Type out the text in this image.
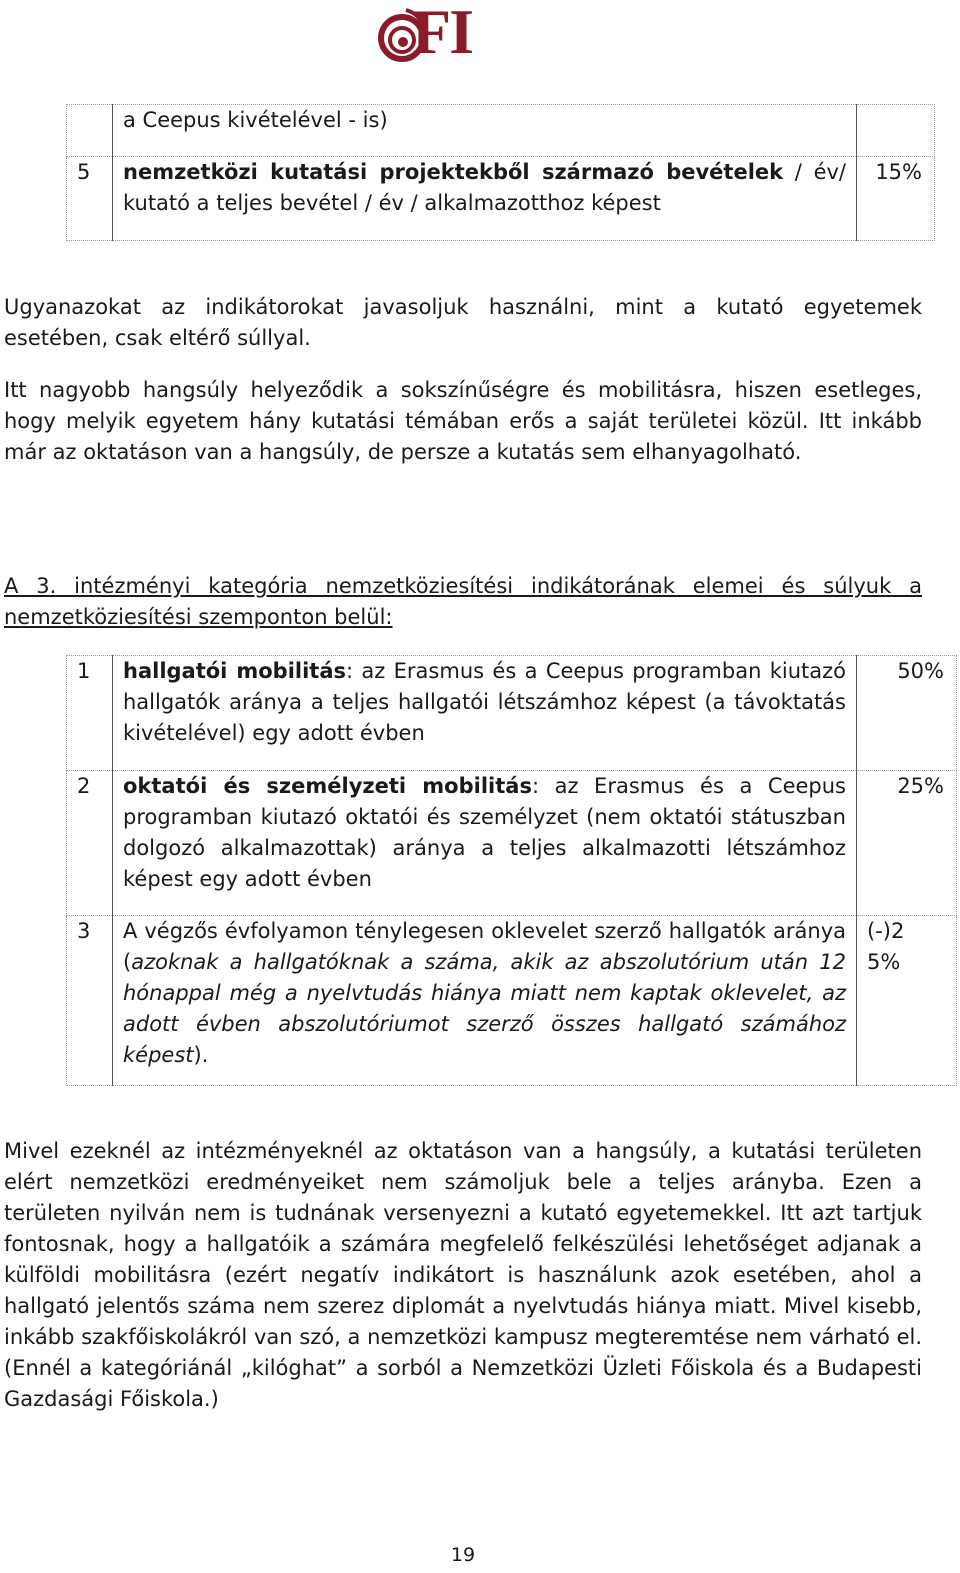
FI
	a Ceepus kivételével - is)	
5	nemzetközi kutatási projektekből származó bevételek / év/ kutató a teljes bevétel / év / alkalmazotthoz képest	15%

Ugyanazokat az indikátorokat javasoljuk használni, mint a kutató egyetemek esetében, csak eltérő súllyal.

Itt nagyobb hangsúly helyeződik a sokszínűségre és mobilitásra, hiszen esetleges, hogy melyik egyetem hány kutatási témában erős a saját területei közül. Itt inkább már az oktatáson van a hangsúly, de persze a kutatás sem elhanyagolható.

A 3. intézményi kategória nemzetköziesítési indikátorának elemei és súlyuk a nemzetköziesítési szemponton belül:

1	hallgatói mobilitás: az Erasmus és a Ceepus programban kiutazó hallgatók aránya a teljes hallgatói létszámhoz képest (a távoktatás kivételével) egy adott évben	50%
2	oktatói és személyzeti mobilitás: az Erasmus és a Ceepus programban kiutazó oktatói és személyzet (nem oktatói státuszban dolgozó alkalmazottak) aránya a teljes alkalmazotti létszámhoz képest egy adott évben	25%
3	A végzős évfolyamon ténylegesen oklevelet szerző hallgatók aránya (azoknak a hallgatóknak a száma, akik az abszolutórium után 12 hónappal még a nyelvtudás hiánya miatt nem kaptak oklevelet, az adott évben abszolutóriumot szerző összes hallgató számához képest).	(-)25%

Mivel ezeknél az intézményeknél az oktatáson van a hangsúly, a kutatási területen elért nemzetközi eredményeiket nem számoljuk bele a teljes arányba. Ezen a területen nyilván nem is tudnának versenyezni a kutató egyetemekkel. Itt azt tartjuk fontosnak, hogy a hallgatóik a számára megfelelő felkészülési lehetőséget adjanak a külföldi mobilitásra (ezért negatív indikátort is használunk azok esetében, ahol a hallgató jelentős száma nem szerez diplomát a nyelvtudás hiánya miatt. Mivel kisebb, inkább szakfőiskolákról van szó, a nemzetközi kampusz megteremtése nem várható el. (Ennél a kategóriánál „kilóghat” a sorból a Nemzetközi Üzleti Főiskola és a Budapesti Gazdasági Főiskola.)

19
